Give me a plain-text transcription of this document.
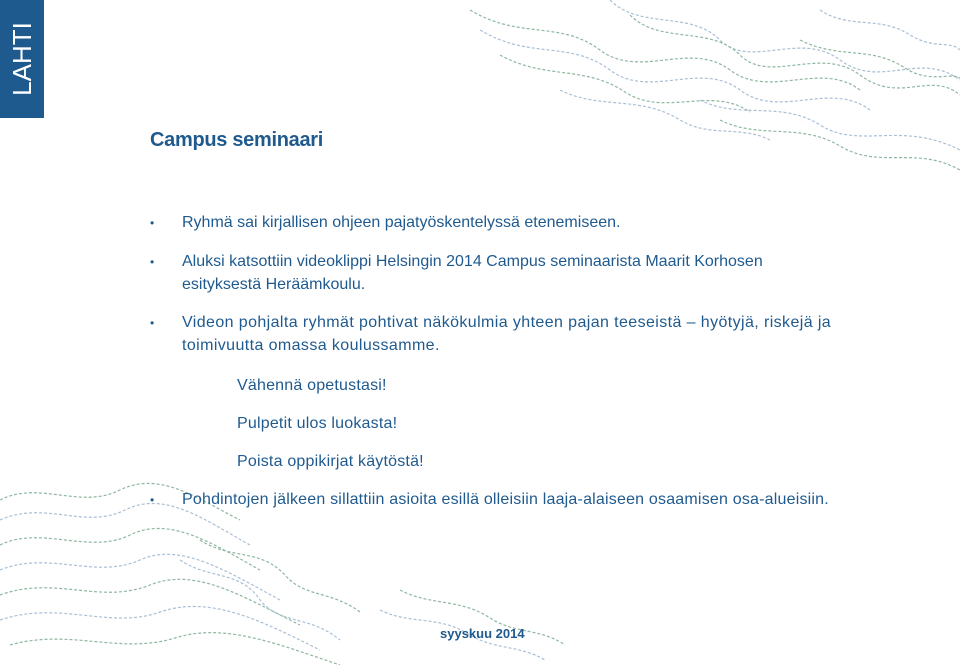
LAHTI
Campus seminaari
• Ryhmä sai kirjallisen ohjeen pajatyöskentelyssä etenemiseen.
• Aluksi katsottiin videoklippi Helsingin 2014 Campus seminaarista Maarit Korhosen esityksestä Heräämkoulu.
• Videon pohjalta ryhmät pohtivat näkökulmia yhteen pajan teeseistä – hyötyjä, riskejä ja toimivuutta omassa koulussamme.
Vähennä opetustasi!
Pulpetit ulos luokasta!
Poista oppikirjat käytöstä!
• Pohdintojen jälkeen sillattiin asioita esillä olleisiin laaja-alaiseen osaamisen osa-alueisiin.
syyskuu 2014
